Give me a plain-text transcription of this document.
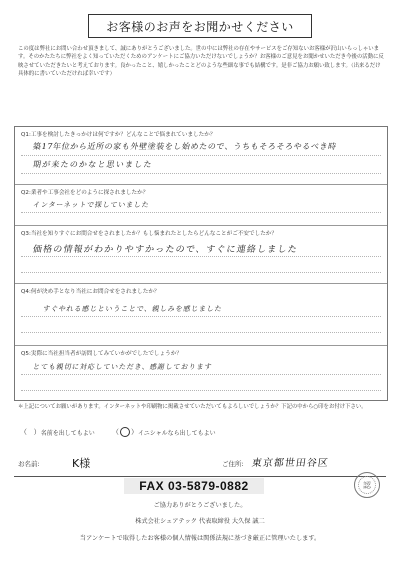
お客様のお声をお聞かせください
この度は弊社にお問い合わせ頂きまして、誠にありがとうございました。世の中には弊社の存在やサービスをご存知ないお客様が沢山いらっしゃいます。そのかたたちに弊社をよく知っていただくためのアンケートにご協力いただけないでしょうか？お客様のご意見をお聞かせいただき今後の活動に反映させていただきたいと考えております。良かったこと、嬉しかったことどのような些細な事でも結構です。是非ご協力お願い致します。（出来るだけ具体的に書いていただければ幸いです）
Q1:工事を検討したきっかけは何ですか？どんなことで悩まれていましたか？
築17年位から近所の家も外壁塗装をし始めたので、うちもそろそろやるべき時
期が来たのかなと思いました
Q2:業者や工事会社をどのように探されましたか？
インターネットで探していました
Q3:当社を知りすぐにお問合せをされましたか？もし悩まれたとしたらどんなことがご不安でしたか？
価格の情報がわかりやすかったので、すぐに連絡しました
Q4:何が決め手となり当社にお問合せをされましたか？
すぐやれる感じということで、親しみを感じました
Q5:実際に当社担当者が訪問してみていかがでしたでしょうか？
とても親切に対応していただき、感謝しております
＊上記についてお願いがあります。インターネットや印刷物に掲載させていただいてもよろしいでしょうか？下記の中から○印をお付け下さい。
（   ） 名前を出してもよい （ ） イニシャルなら出してもよい
お名前:	K様	ご住所: 東京都世田谷区
FAX 03-5879-0882	認
ご協力ありがとうございました。
株式会社シェアテック 代表取締役 大久保 誠二
当アンケートで取得したお客様の個人情報は関係法規に基づき厳正に管理いたします。
